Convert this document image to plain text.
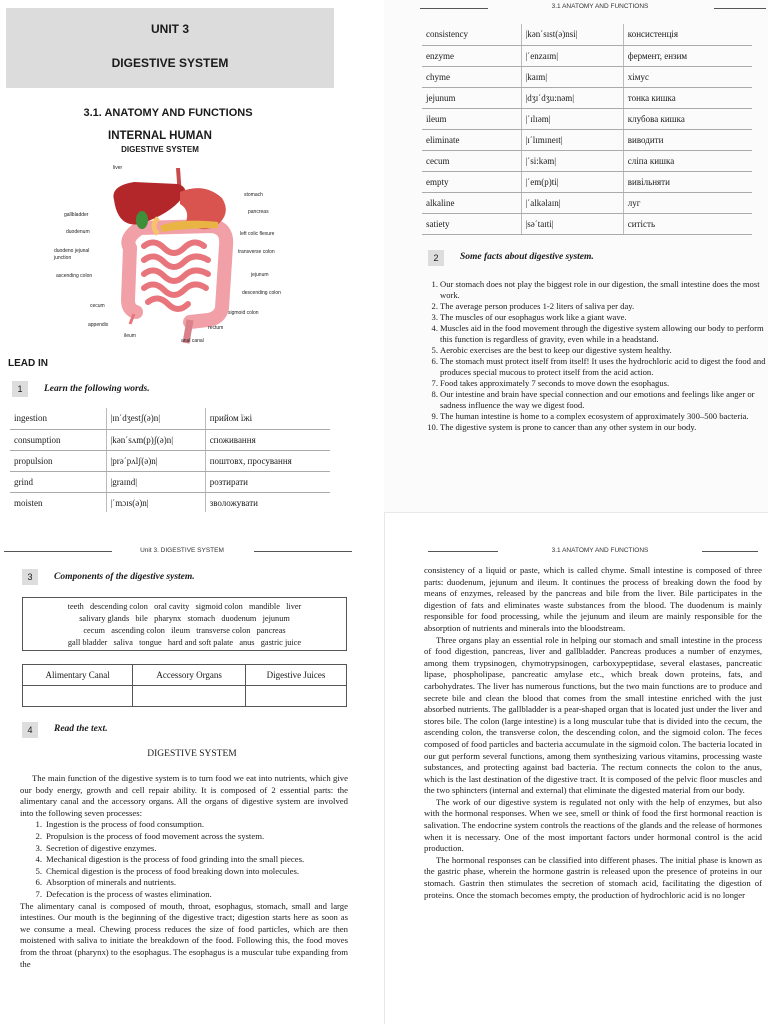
UNIT 3
DIGESTIVE SYSTEM
3.1. ANATOMY AND FUNCTIONS
INTERNAL HUMAN
DIGESTIVE SYSTEM
liver
stomach
gallbladder	pancreas
duodenum	left colic flexure
duodeno jejunal
junction
transverse colon
ascending colon	jejunum
descending colon
cecum
sigmoid colon
appendix	rectum
ileum
anal canal
LEAD IN
1	Learn the following words.
ingestion	|ɪn΄dʒestʃ(ə)n|	прийом їжі
consumption	|kən΄sʌm(p)ʃ(ə)n|	споживання
propulsion	|prə΄pʌlʃ(ə)n|	поштовх, просування
grind	|graɪnd|	розтирати
moisten	|΄mɔɪs(ə)n|	зволожувати
3.1 ANATOMY AND FUNCTIONS
consistency	|kən΄sɪst(ə)nsi|	консистенція
enzyme	|΄enzaɪm|	фермент, ензим
chyme	|kaɪm|	хімус
jejunum	|dʒɪ΄dʒu:nəm|	тонка кишка
ileum	|΄ɪlɪəm|	клубова кишка
eliminate	|ɪ΄lɪmɪneɪt|	виводити
cecum	|΄si:kəm|	сліпа кишка
empty	|΄em(p)ti|	вивільняти
alkaline	|΄alkəlaɪn|	луг
satiety	|sə΄taɪti|	ситість
2	Some facts about digestive system.
1. Our stomach does not play the biggest role in our digestion, the small intestine does the most work.
2. The average person produces 1-2 liters of saliva per day.
3. The muscles of our esophagus work like a giant wave.
4. Muscles aid in the food movement through the digestive system allowing our body to perform this function is regardless of gravity, even while in a headstand.
5. Aerobic exercises are the best to keep our digestive system healthy.
6. The stomach must protect itself from itself! It uses the hydrochloric acid to digest the food and produces special mucous to protect itself from the acid action.
7. Food takes approximately 7 seconds to move down the esophagus.
8. Our intestine and brain have special connection and our emotions and feelings like anger or sadness influence the way we digest food.
9. The human intestine is home to a complex ecosystem of approximately 300–500 bacteria.
10. The digestive system is prone to cancer than any other system in our body.
Unit 3. DIGESTIVE SYSTEM
3	Components of the digestive system.
teeth   descending colon   oral cavity   sigmoid colon   mandible   liver
salivary glands   bile   pharynx   stomach   duodenum   jejunum
cecum   ascending colon   ileum   transverse colon   pancreas
gall bladder   saliva   tongue   hard and soft palate   anus   gastric juice
Alimentary Canal	Accessory Organs	Digestive Juices

4	Read the text.
DIGESTIVE SYSTEM

The main function of the digestive system is to turn food we eat into nutrients, which give our body energy, growth and cell repair ability. It is composed of 2 essential parts: the alimentary canal and the accessory organs. All the organs of digestive system are involved into the following seven processes:

1. Ingestion is the process of food consumption.
2. Propulsion is the process of food movement across the system.
3. Secretion of digestive enzymes.
4. Mechanical digestion is the process of food grinding into the small pieces.
5. Chemical digestion is the process of food breaking down into molecules.
6. Absorption of minerals and nutrients.
7. Defecation is the process of wastes elimination.

The alimentary canal is composed of mouth, throat, esophagus, stomach, small and large intestines. Our mouth is the beginning of the digestive tract; digestion starts here as soon as we consume a meal. Chewing process reduces the size of food particles, which are then moistened with saliva to initiate the breakdown of the food. Following this, the food moves from the throat (pharynx) to the esophagus. The esophagus is a muscular tube expanding from the

3.1 ANATOMY AND FUNCTIONS

consistency of a liquid or paste, which is called chyme. Small intestine is composed of three parts: duodenum, jejunum and ileum. It continues the process of breaking down the food by means of enzymes, released by the pancreas and bile from the liver. Bile participates in the digestion of fats and eliminates waste substances from the blood. The duodenum is mainly responsible for food processing, while the jejunum and ileum are mainly responsible for the absorption of nutrients and minerals into the bloodstream.

Three organs play an essential role in helping our stomach and small intestine in the process of food digestion, pancreas, liver and gallbladder. Pancreas produces a number of enzymes, among them trypsinogen, chymotrypsinogen, carboxypeptidase, several elastases, pancreatic lipase, phospholipase, pancreatic amylase etc., which break down proteins, fats, and carbohydrates. The liver has numerous functions, but the two main functions are to produce and secrete bile and clean the blood that comes from the small intestine enriched with the just absorbed nutrients. The gallbladder is a pear-shaped organ that is located just under the liver and stores bile. The colon (large intestine) is a long muscular tube that is divided into the cecum, the ascending colon, the transverse colon, the descending colon, and the sigmoid colon. The feces composed of food particles and bacteria accumulate in the sigmoid colon. The bacteria located in our gut perform several functions, among them synthesizing various vitamins, processing waste substances, and protecting against bad bacteria. The rectum connects the colon to the anus, which is the last destination of the digestive tract. It is composed of the pelvic floor muscles and the two sphincters (internal and external) that eliminate the digested material from our body.

The work of our digestive system is regulated not only with the help of enzymes, but also with the hormonal responses. When we see, smell or think of food the first hormonal reaction is salivation. The endocrine system controls the reactions of the glands and the release of hormones when it is necessary. One of the most important factors under hormonal control is the acid production.

The hormonal responses can be classified into different phases. The initial phase is known as the gastric phase, wherein the hormone gastrin is released upon the presence of proteins in our stomach. Gastrin then stimulates the secretion of stomach acid, facilitating the digestion of proteins. Once the stomach becomes empty, the production of hydrochloric acid is no longer
